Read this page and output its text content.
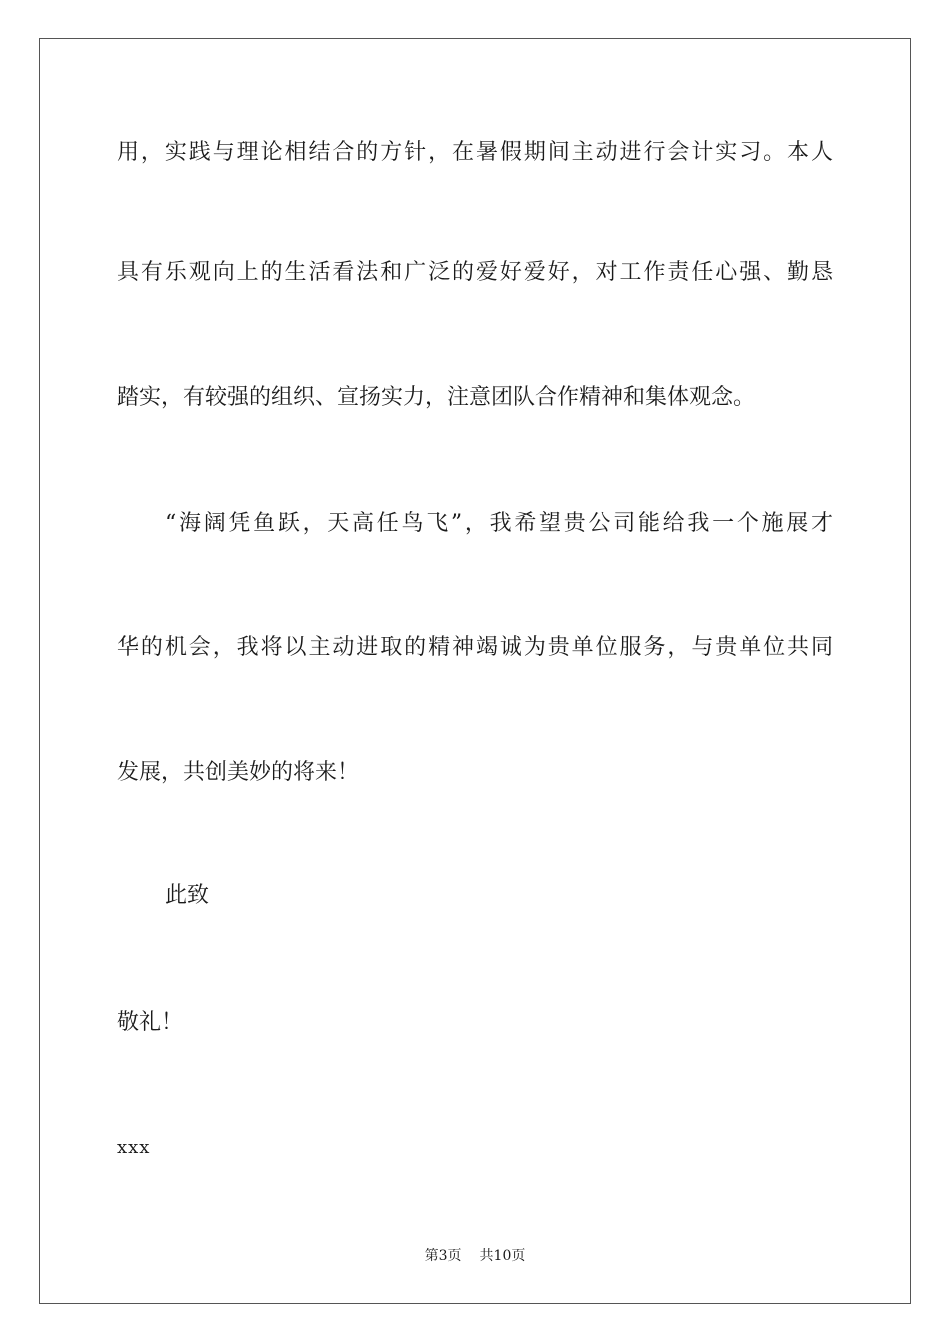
用，实践与理论相结合的方针，在暑假期间主动进行会计实习。本人
具有乐观向上的生活看法和广泛的爱好爱好，对工作责任心强、勤恳
踏实，有较强的组织、宣扬实力，注意团队合作精神和集体观念。
“海阔凭鱼跃，天高任鸟飞”，我希望贵公司能给我一个施展才
华的机会，我将以主动进取的精神竭诚为贵单位服务，与贵单位共同
发展，共创美妙的将来！
此致
敬礼！
xxx
第3页 共10页
